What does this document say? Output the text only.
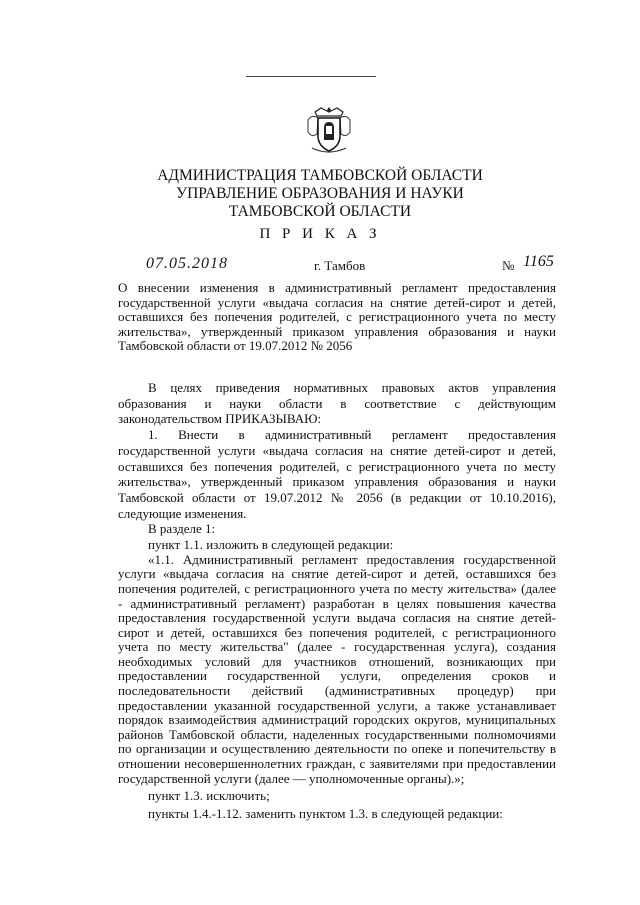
АДМИНИСТРАЦИЯ ТАМБОВСКОЙ ОБЛАСТИ
УПРАВЛЕНИЕ ОБРАЗОВАНИЯ И НАУКИ
ТАМБОВСКОЙ ОБЛАСТИ
П Р И К А З
07.05.2018	г. Тамбов	№ 1165
О внесении изменения в административный регламент предоставления государственной услуги «выдача согласия на снятие детей-сирот и детей, оставшихся без попечения родителей, с регистрационного учета по месту жительства», утвержденный приказом управления образования и науки Тамбовской области от 19.07.2012 № 2056

В целях приведения нормативных правовых актов управления образования и науки области в соответствие с действующим законодательством ПРИКАЗЫВАЮ:

1. Внести в административный регламент предоставления государственной услуги «выдача согласия на снятие детей-сирот и детей, оставшихся без попечения родителей, с регистрационного учета по месту жительства», утвержденный приказом управления образования и науки Тамбовской области от 19.07.2012 № 2056 (в редакции от 10.10.2016), следующие изменения.

В разделе 1:

пункт 1.1. изложить в следующей редакции:

«1.1. Административный регламент предоставления государственной услуги «выдача согласия на снятие детей-сирот и детей, оставшихся без попечения родителей, с регистрационного учета по месту жительства» (далее - административный регламент) разработан в целях повышения качества предоставления государственной услуги выдача согласия на снятие детей-сирот и детей, оставшихся без попечения родителей, с регистрационного учета по месту жительства" (далее - государственная услуга), создания необходимых условий для участников отношений, возникающих при предоставлении государственной услуги, определения сроков и последовательности действий (административных процедур) при предоставлении указанной государственной услуги, а также устанавливает порядок взаимодействия администраций городских округов, муниципальных районов Тамбовской области, наделенных государственными полномочиями по организации и осуществлению деятельности по опеке и попечительству в отношении несовершеннолетних граждан, с заявителями при предоставлении государственной услуги (далее — уполномоченные органы).»;

пункт 1.3. исключить;

пункты 1.4.-1.12. заменить пунктом 1.3. в следующей редакции:
